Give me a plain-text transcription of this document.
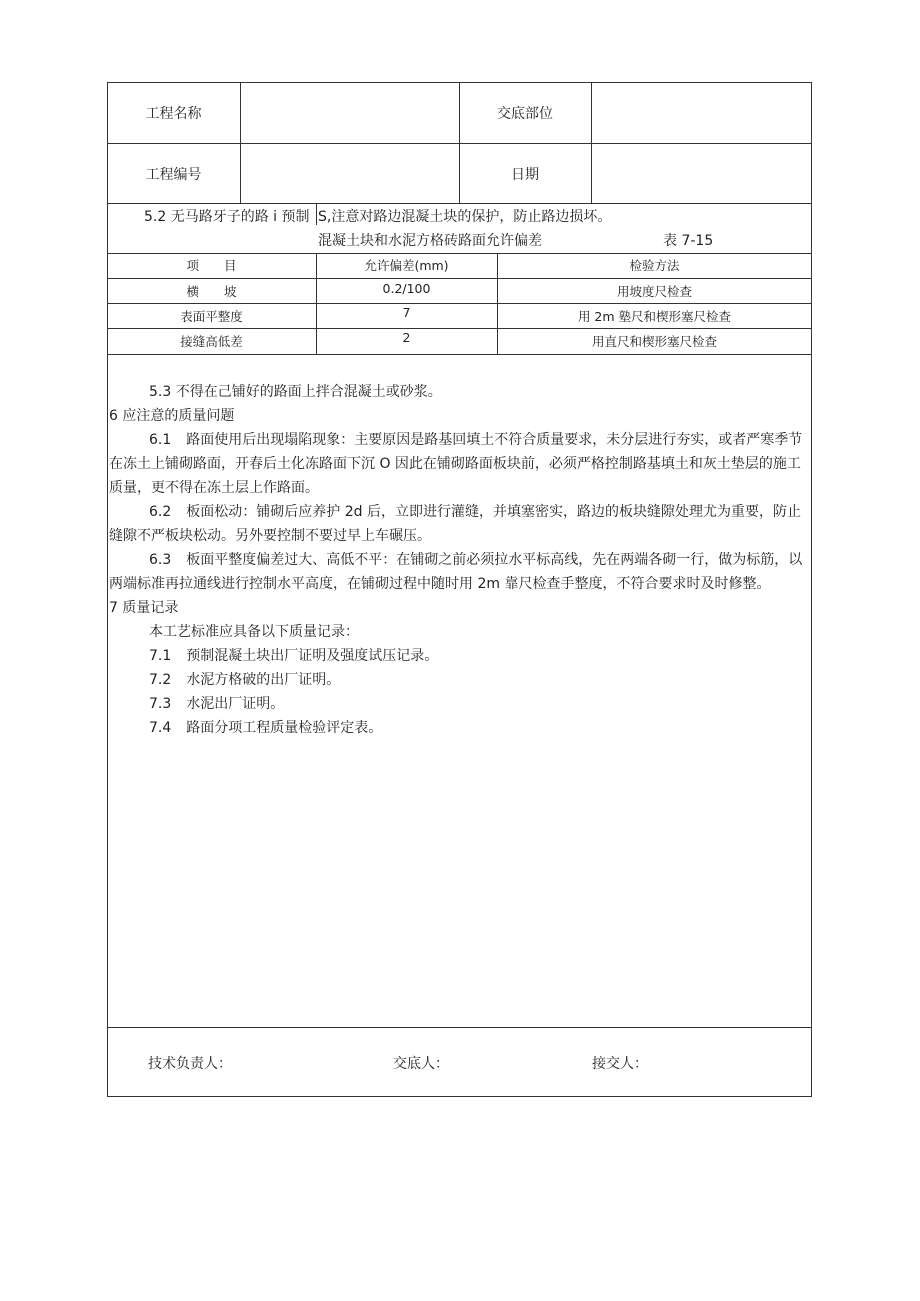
工程名称	交底部位
工程编号	日期
5.2 无马路牙子的路 i 预制 S,注意对路边混凝土块的保护，防止路边损坏。
混凝土块和水泥方格砖路面允许偏差	表 7-15
项　　目	允许偏差(mm)	检验方法
横　　坡	0.2/100	用坡度尺检查
表面平整度	7	用 2m 塾尺和楔形塞尺检查
接缝高低差	2	用直尺和楔形塞尺检查

5.3 不得在己铺好的路面上拌合混凝土或砂浆。

6 应注意的质量问题

6.1 路面使用后出现塌陷现象：主要原因是路基回填土不符合质量要求，未分层进行夯实，或者严寒季节在冻土上铺砌路面，开春后土化冻路面下沉 O 因此在铺砌路面板块前，必须严格控制路基填土和灰土垫层的施工质量，更不得在冻土层上作路面。

6.2 板面松动：铺砌后应养护 2d 后，立即进行灌缝，并填塞密实，路边的板块缝隙处理尤为重要，防止缝隙不严板块松动。另外要控制不要过早上车碾压。

6.3 板面平整度偏差过大、高低不平：在铺砌之前必须拉水平标高线，先在两端各砌一行，做为标筋，以两端标准再拉通线进行控制水平高度，在铺砌过程中随时用 2m 靠尺检查手整度，不符合要求时及时修整。

7 质量记录

本工艺标准应具备以下质量记录：

7.1 预制混凝土块出厂证明及强度试压记录。

7.2 水泥方格破的出厂证明。

7.3 水泥出厂证明。

7.4 路面分项工程质量检验评定表。

技术负责人：	交底人：	接交人：
